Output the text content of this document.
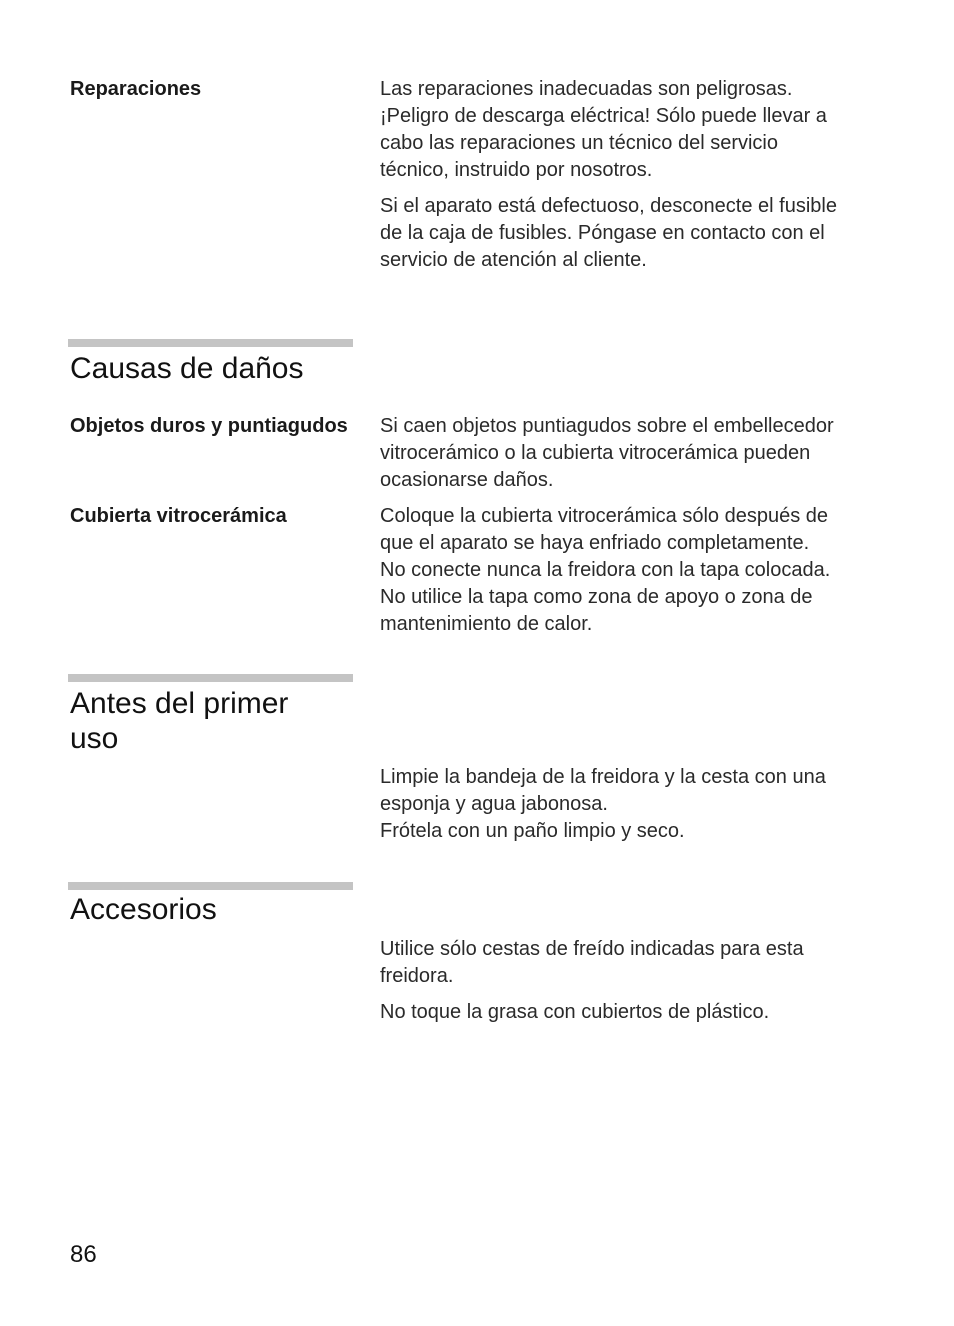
Reparaciones	Las reparaciones inadecuadas son peligrosas.
¡Peligro de descarga eléctrica! Sólo puede llevar a
cabo las reparaciones un técnico del servicio
técnico, instruido por nosotros.

Si el aparato está defectuoso, desconecte el fusible
de la caja de fusibles. Póngase en contacto con el
servicio de atención al cliente.

Causas de daños
Objetos duros y puntiagudos Si caen objetos puntiagudos sobre el embellecedor
vitrocerámico o la cubierta vitrocerámica pueden
ocasionarse daños.

Cubierta vitrocerámica	Coloque la cubierta vitrocerámica sólo después de
que el aparato se haya enfriado completamente.
No conecte nunca la freidora con la tapa colocada.
No utilice la tapa como zona de apoyo o zona de
mantenimiento de calor.

Antes del primer
uso

Limpie la bandeja de la freidora y la cesta con una
esponja y agua jabonosa.
Frótela con un paño limpio y seco.

Accesorios

Utilice sólo cestas de freído indicadas para esta
freidora.

No toque la grasa con cubiertos de plástico.

86
